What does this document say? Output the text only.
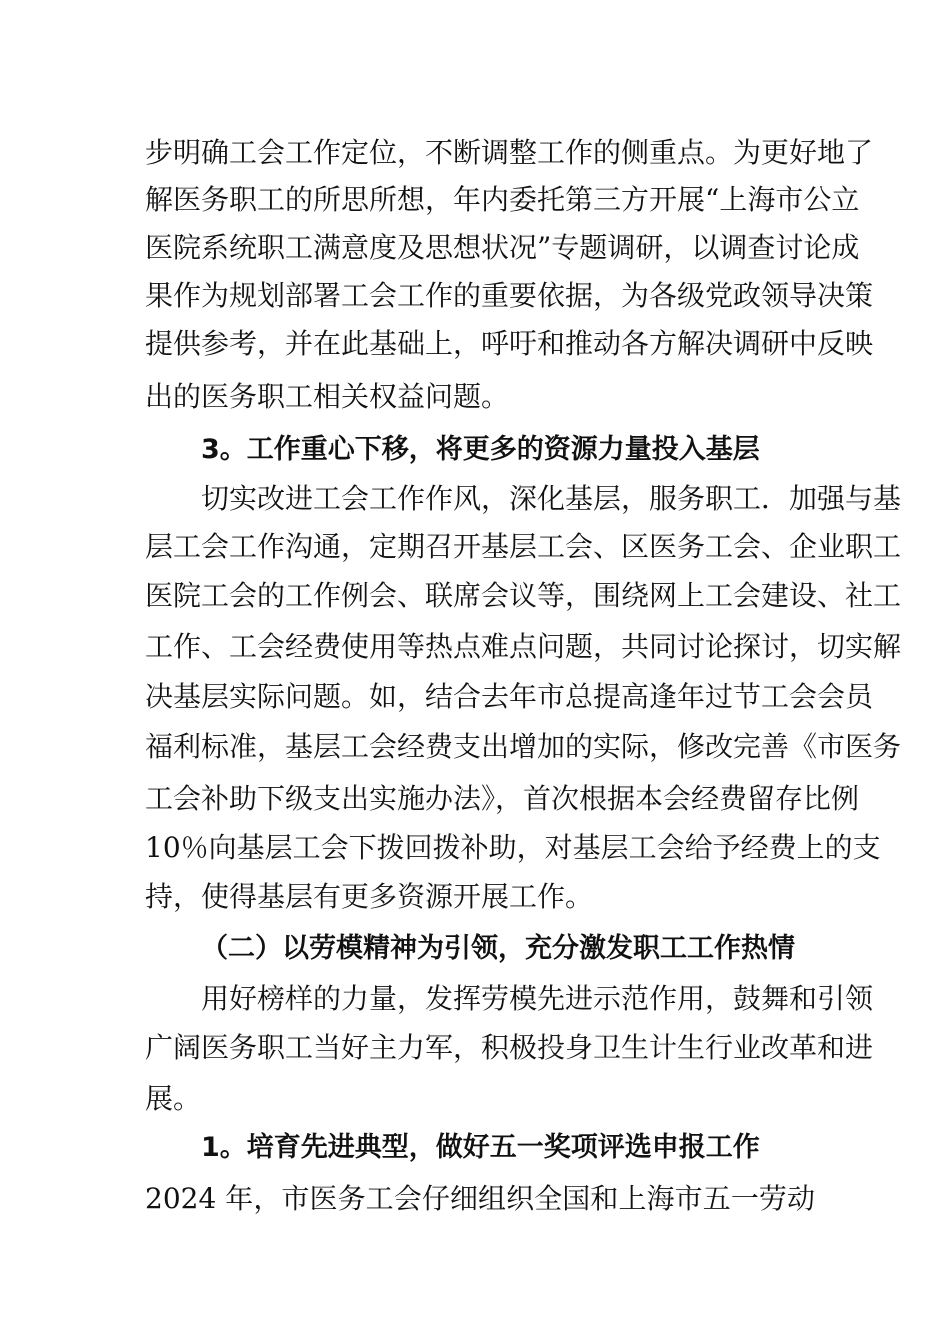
步明确工会工作定位，不断调整工作的侧重点。为更好地了
解医务职工的所思所想，年内委托第三方开展“上海市公立
医院系统职工满意度及思想状况”专题调研，以调查讨论成
果作为规划部署工会工作的重要依据，为各级党政领导决策
提供参考，并在此基础上，呼吁和推动各方解决调研中反映
出的医务职工相关权益问题。
3。工作重心下移，将更多的资源力量投入基层
切实改进工会工作作风，深化基层，服务职工．加强与基
层工会工作沟通，定期召开基层工会、区医务工会、企业职工
医院工会的工作例会、联席会议等，围绕网上工会建设、社工
工作、工会经费使用等热点难点问题，共同讨论探讨，切实解
决基层实际问题。如，结合去年市总提高逢年过节工会会员
福利标准，基层工会经费支出增加的实际，修改完善《市医务
工会补助下级支出实施办法》，首次根据本会经费留存比例
10％向基层工会下拨回拨补助，对基层工会给予经费上的支
持，使得基层有更多资源开展工作。
（二）以劳模精神为引领，充分激发职工工作热情
用好榜样的力量，发挥劳模先进示范作用，鼓舞和引领
广阔医务职工当好主力军，积极投身卫生计生行业改革和进
展。
1。培育先进典型，做好五一奖项评选申报工作
2024 年，市医务工会仔细组织全国和上海市五一劳动
